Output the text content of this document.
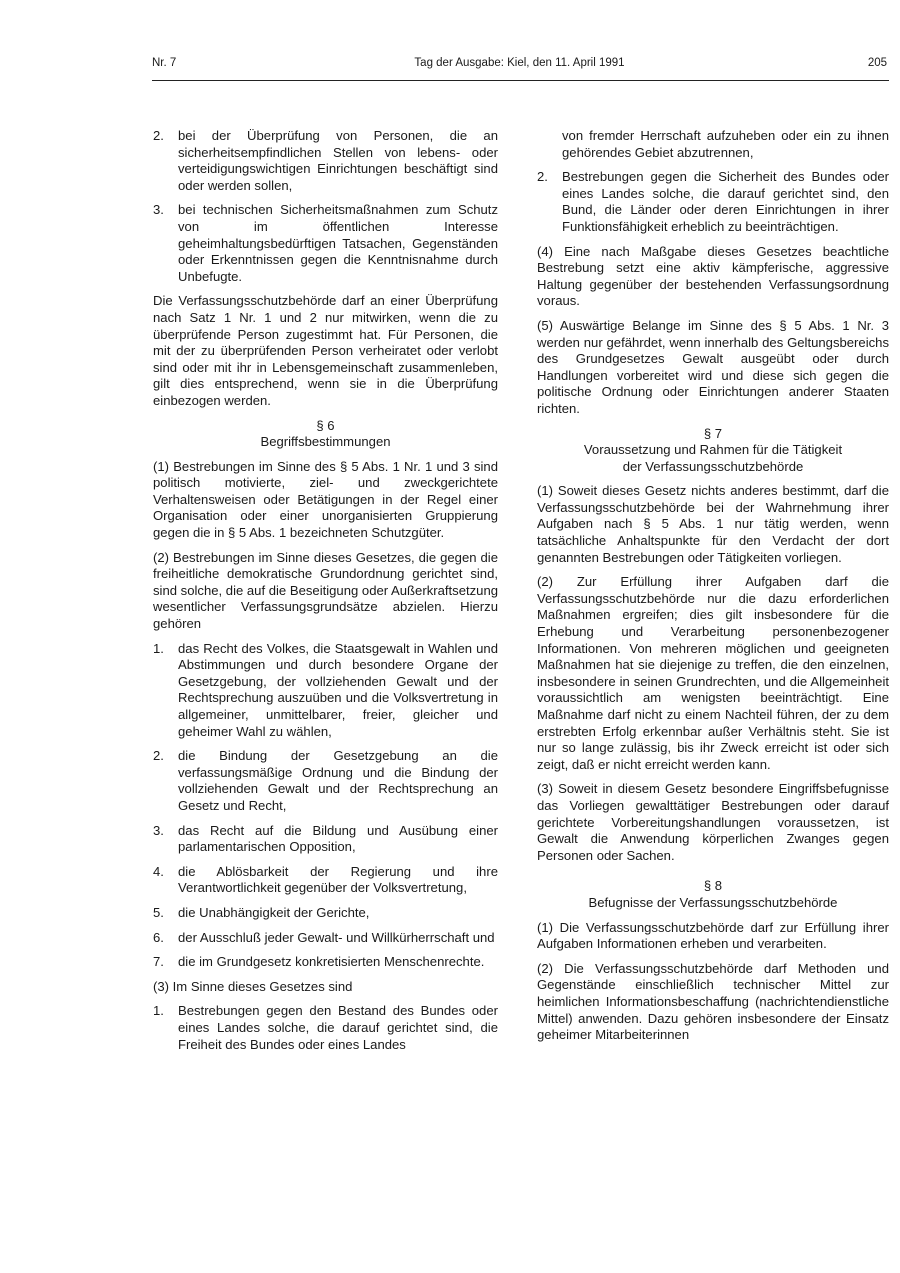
Nr. 7	Tag der Ausgabe: Kiel, den 11. April 1991	205
2.	bei der Überprüfung von Personen, die an sicherheitsempfindlichen Stellen von lebens- oder verteidigungswichtigen Einrichtungen beschäftigt sind oder werden sollen,
3.	bei technischen Sicherheitsmaßnahmen zum Schutz von im öffentlichen Interesse geheimhaltungsbedürftigen Tatsachen, Gegenständen oder Erkenntnissen gegen die Kenntnisnahme durch Unbefugte.

Die Verfassungsschutzbehörde darf an einer Überprüfung nach Satz 1 Nr. 1 und 2 nur mitwirken, wenn die zu überprüfende Person zugestimmt hat. Für Personen, die mit der zu überprüfenden Person verheiratet oder verlobt sind oder mit ihr in Lebensgemeinschaft zusammenleben, gilt dies entsprechend, wenn sie in die Überprüfung einbezogen werden.

§ 6
Begriffsbestimmungen

(1) Bestrebungen im Sinne des § 5 Abs. 1 Nr. 1 und 3 sind politisch motivierte, ziel- und zweckgerichtete Verhaltensweisen oder Betätigungen in der Regel einer Organisation oder einer unorganisierten Gruppierung gegen die in § 5 Abs. 1 bezeichneten Schutzgüter.

(2) Bestrebungen im Sinne dieses Gesetzes, die gegen die freiheitliche demokratische Grundordnung gerichtet sind, sind solche, die auf die Beseitigung oder Außerkraftsetzung wesentlicher Verfassungsgrundsätze abzielen. Hierzu gehören

1.	das Recht des Volkes, die Staatsgewalt in Wahlen und Abstimmungen und durch besondere Organe der Gesetzgebung, der vollziehenden Gewalt und der Rechtsprechung auszuüben und die Volksvertretung in allgemeiner, unmittelbarer, freier, gleicher und geheimer Wahl zu wählen,
2.	die Bindung der Gesetzgebung an die verfassungsmäßige Ordnung und die Bindung der vollziehenden Gewalt und der Rechtsprechung an Gesetz und Recht,
3.	das Recht auf die Bildung und Ausübung einer parlamentarischen Opposition,
4.	die Ablösbarkeit der Regierung und ihre Verantwortlichkeit gegenüber der Volksvertretung,
5.	die Unabhängigkeit der Gerichte,
6.	der Ausschluß jeder Gewalt- und Willkürherrschaft und
7.	die im Grundgesetz konkretisierten Menschenrechte.

(3) Im Sinne dieses Gesetzes sind

1.	Bestrebungen gegen den Bestand des Bundes oder eines Landes solche, die darauf gerichtet sind, die Freiheit des Bundes oder eines Landes
von fremder Herrschaft aufzuheben oder ein zu ihnen gehörendes Gebiet abzutrennen,
2.	Bestrebungen gegen die Sicherheit des Bundes oder eines Landes solche, die darauf gerichtet sind, den Bund, die Länder oder deren Einrichtungen in ihrer Funktionsfähigkeit erheblich zu beeinträchtigen.

(4) Eine nach Maßgabe dieses Gesetzes beachtliche Bestrebung setzt eine aktiv kämpferische, aggressive Haltung gegenüber der bestehenden Verfassungsordnung voraus.

(5) Auswärtige Belange im Sinne des § 5 Abs. 1 Nr. 3 werden nur gefährdet, wenn innerhalb des Geltungsbereichs des Grundgesetzes Gewalt ausgeübt oder durch Handlungen vorbereitet wird und diese sich gegen die politische Ordnung oder Einrichtungen anderer Staaten richten.

§ 7
Voraussetzung und Rahmen für die Tätigkeit
der Verfassungsschutzbehörde

(1) Soweit dieses Gesetz nichts anderes bestimmt, darf die Verfassungsschutzbehörde bei der Wahrnehmung ihrer Aufgaben nach § 5 Abs. 1 nur tätig werden, wenn tatsächliche Anhaltspunkte für den Verdacht der dort genannten Bestrebungen oder Tätigkeiten vorliegen.

(2) Zur Erfüllung ihrer Aufgaben darf die Verfassungsschutzbehörde nur die dazu erforderlichen Maßnahmen ergreifen; dies gilt insbesondere für die Erhebung und Verarbeitung personenbezogener Informationen. Von mehreren möglichen und geeigneten Maßnahmen hat sie diejenige zu treffen, die den einzelnen, insbesondere in seinen Grundrechten, und die Allgemeinheit voraussichtlich am wenigsten beeinträchtigt. Eine Maßnahme darf nicht zu einem Nachteil führen, der zu dem erstrebten Erfolg erkennbar außer Verhältnis steht. Sie ist nur so lange zulässig, bis ihr Zweck erreicht ist oder sich zeigt, daß er nicht erreicht werden kann.

(3) Soweit in diesem Gesetz besondere Eingriffsbefugnisse das Vorliegen gewalttätiger Bestrebungen oder darauf gerichtete Vorbereitungshandlungen voraussetzen, ist Gewalt die Anwendung körperlichen Zwanges gegen Personen oder Sachen.

§ 8
Befugnisse der Verfassungsschutzbehörde

(1) Die Verfassungsschutzbehörde darf zur Erfüllung ihrer Aufgaben Informationen erheben und verarbeiten.

(2) Die Verfassungsschutzbehörde darf Methoden und Gegenstände einschließlich technischer Mittel zur heimlichen Informationsbeschaffung (nachrichtendienstliche Mittel) anwenden. Dazu gehören insbesondere der Einsatz geheimer Mitarbeiterinnen
